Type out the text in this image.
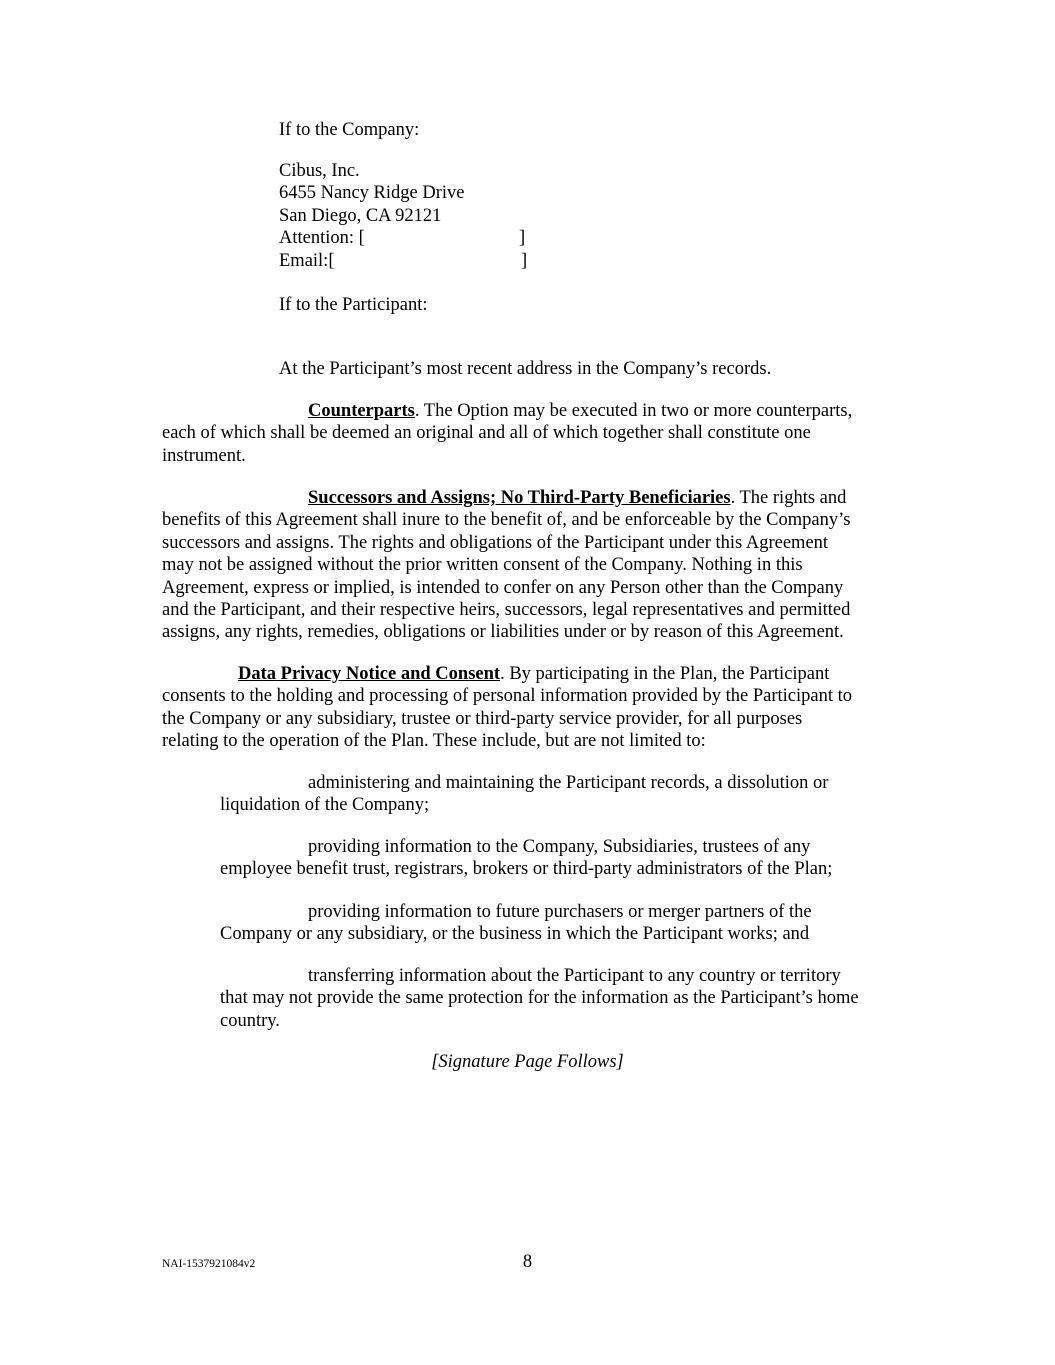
If to the Company:
Cibus, Inc.
6455 Nancy Ridge Drive
San Diego, CA 92121
Attention: [	]
Email:[	]
If to the Participant:
At the Participant’s most recent address in the Company’s records.
Counterparts. The Option may be executed in two or more counterparts,
each of which shall be deemed an original and all of which together shall constitute one
instrument.
Successors and Assigns; No Third-Party Beneficiaries. The rights and
benefits of this Agreement shall inure to the benefit of, and be enforceable by the Company’s
successors and assigns. The rights and obligations of the Participant under this Agreement
may not be assigned without the prior written consent of the Company. Nothing in this
Agreement, express or implied, is intended to confer on any Person other than the Company
and the Participant, and their respective heirs, successors, legal representatives and permitted
assigns, any rights, remedies, obligations or liabilities under or by reason of this Agreement.
Data Privacy Notice and Consent. By participating in the Plan, the Participant
consents to the holding and processing of personal information provided by the Participant to
the Company or any subsidiary, trustee or third-party service provider, for all purposes
relating to the operation of the Plan. These include, but are not limited to:
administering and maintaining the Participant records, a dissolution or
liquidation of the Company;
providing information to the Company, Subsidiaries, trustees of any
employee benefit trust, registrars, brokers or third-party administrators of the Plan;
providing information to future purchasers or merger partners of the
Company or any subsidiary, or the business in which the Participant works; and
transferring information about the Participant to any country or territory
that may not provide the same protection for the information as the Participant’s home
country.
[Signature Page Follows]
NAI-1537921084v2	8
